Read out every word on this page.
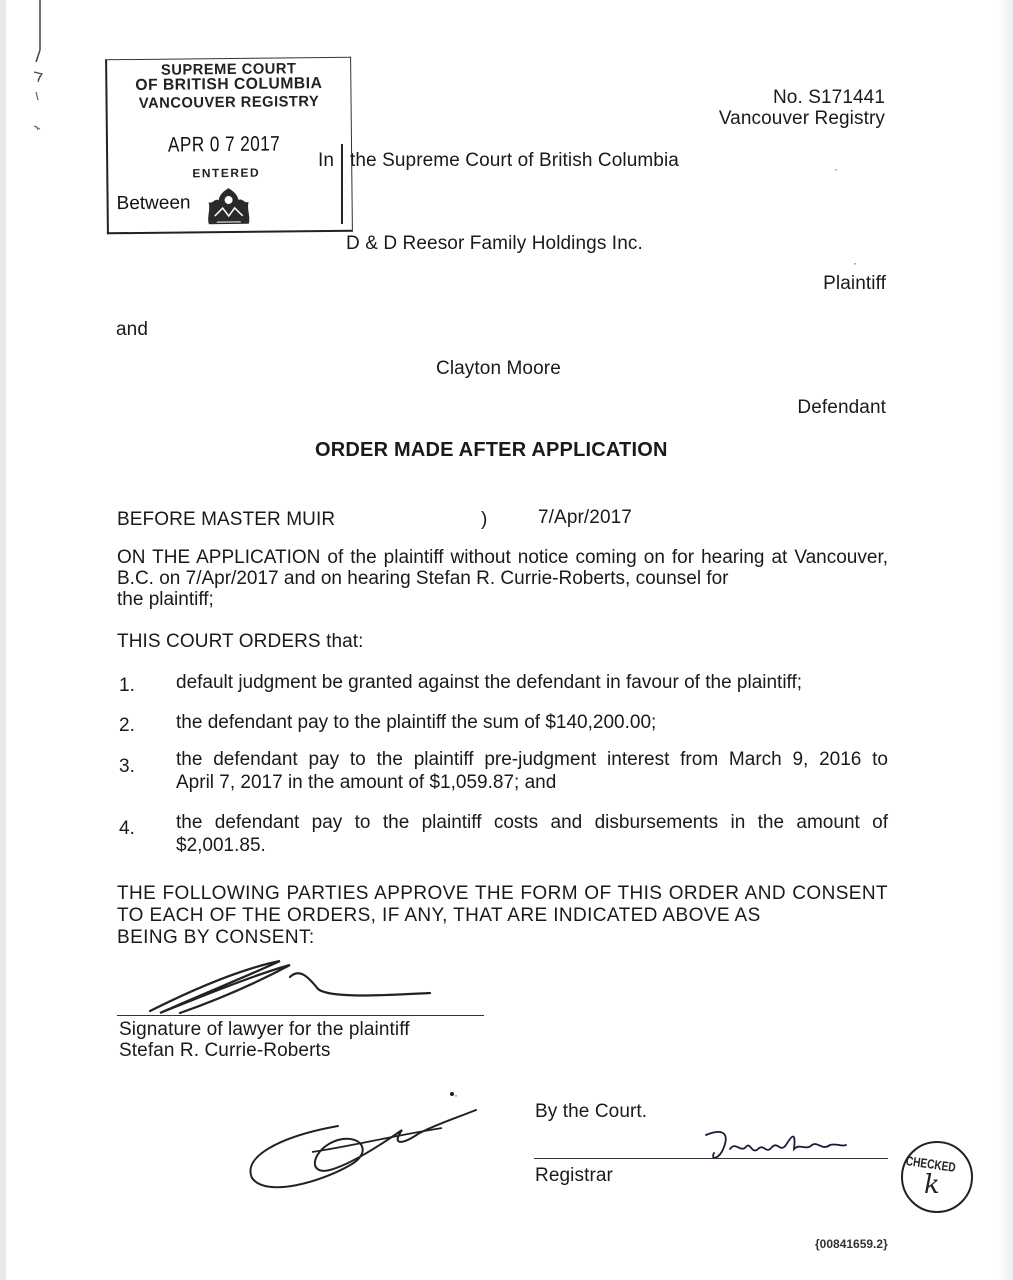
SUPREME COURT
OF BRITISH COLUMBIA
VANCOUVER REGISTRY
APR 0 7 2017
ENTERED
Between
No. S171441
Vancouver Registry
In the Supreme Court of British Columbia
D & D Reesor Family Holdings Inc.
Plaintiff
and
Clayton Moore
Defendant
ORDER MADE AFTER APPLICATION
BEFORE MASTER MUIR	)	7/Apr/2017
ON THE APPLICATION of the plaintiff without notice coming on for hearing at Vancouver, B.C. on 7/Apr/2017 and on hearing Stefan R. Currie-Roberts, counsel for
the plaintiff;
THIS COURT ORDERS that:
1. default judgment be granted against the defendant in favour of the plaintiff;
2. the defendant pay to the plaintiff the sum of $140,200.00;
3. the defendant pay to the plaintiff pre-judgment interest from March 9, 2016 to
April 7, 2017 in the amount of $1,059.87; and
4. the defendant pay to the plaintiff costs and disbursements in the amount of
$2,001.85.
THE FOLLOWING PARTIES APPROVE THE FORM OF THIS ORDER AND CONSENT TO EACH OF THE ORDERS, IF ANY, THAT ARE INDICATED ABOVE AS
BEING BY CONSENT:
Signature of lawyer for the plaintiff
Stefan R. Currie-Roberts
By the Court.
Registrar
CHECKED
k
{00841659.2}
·
·
·
